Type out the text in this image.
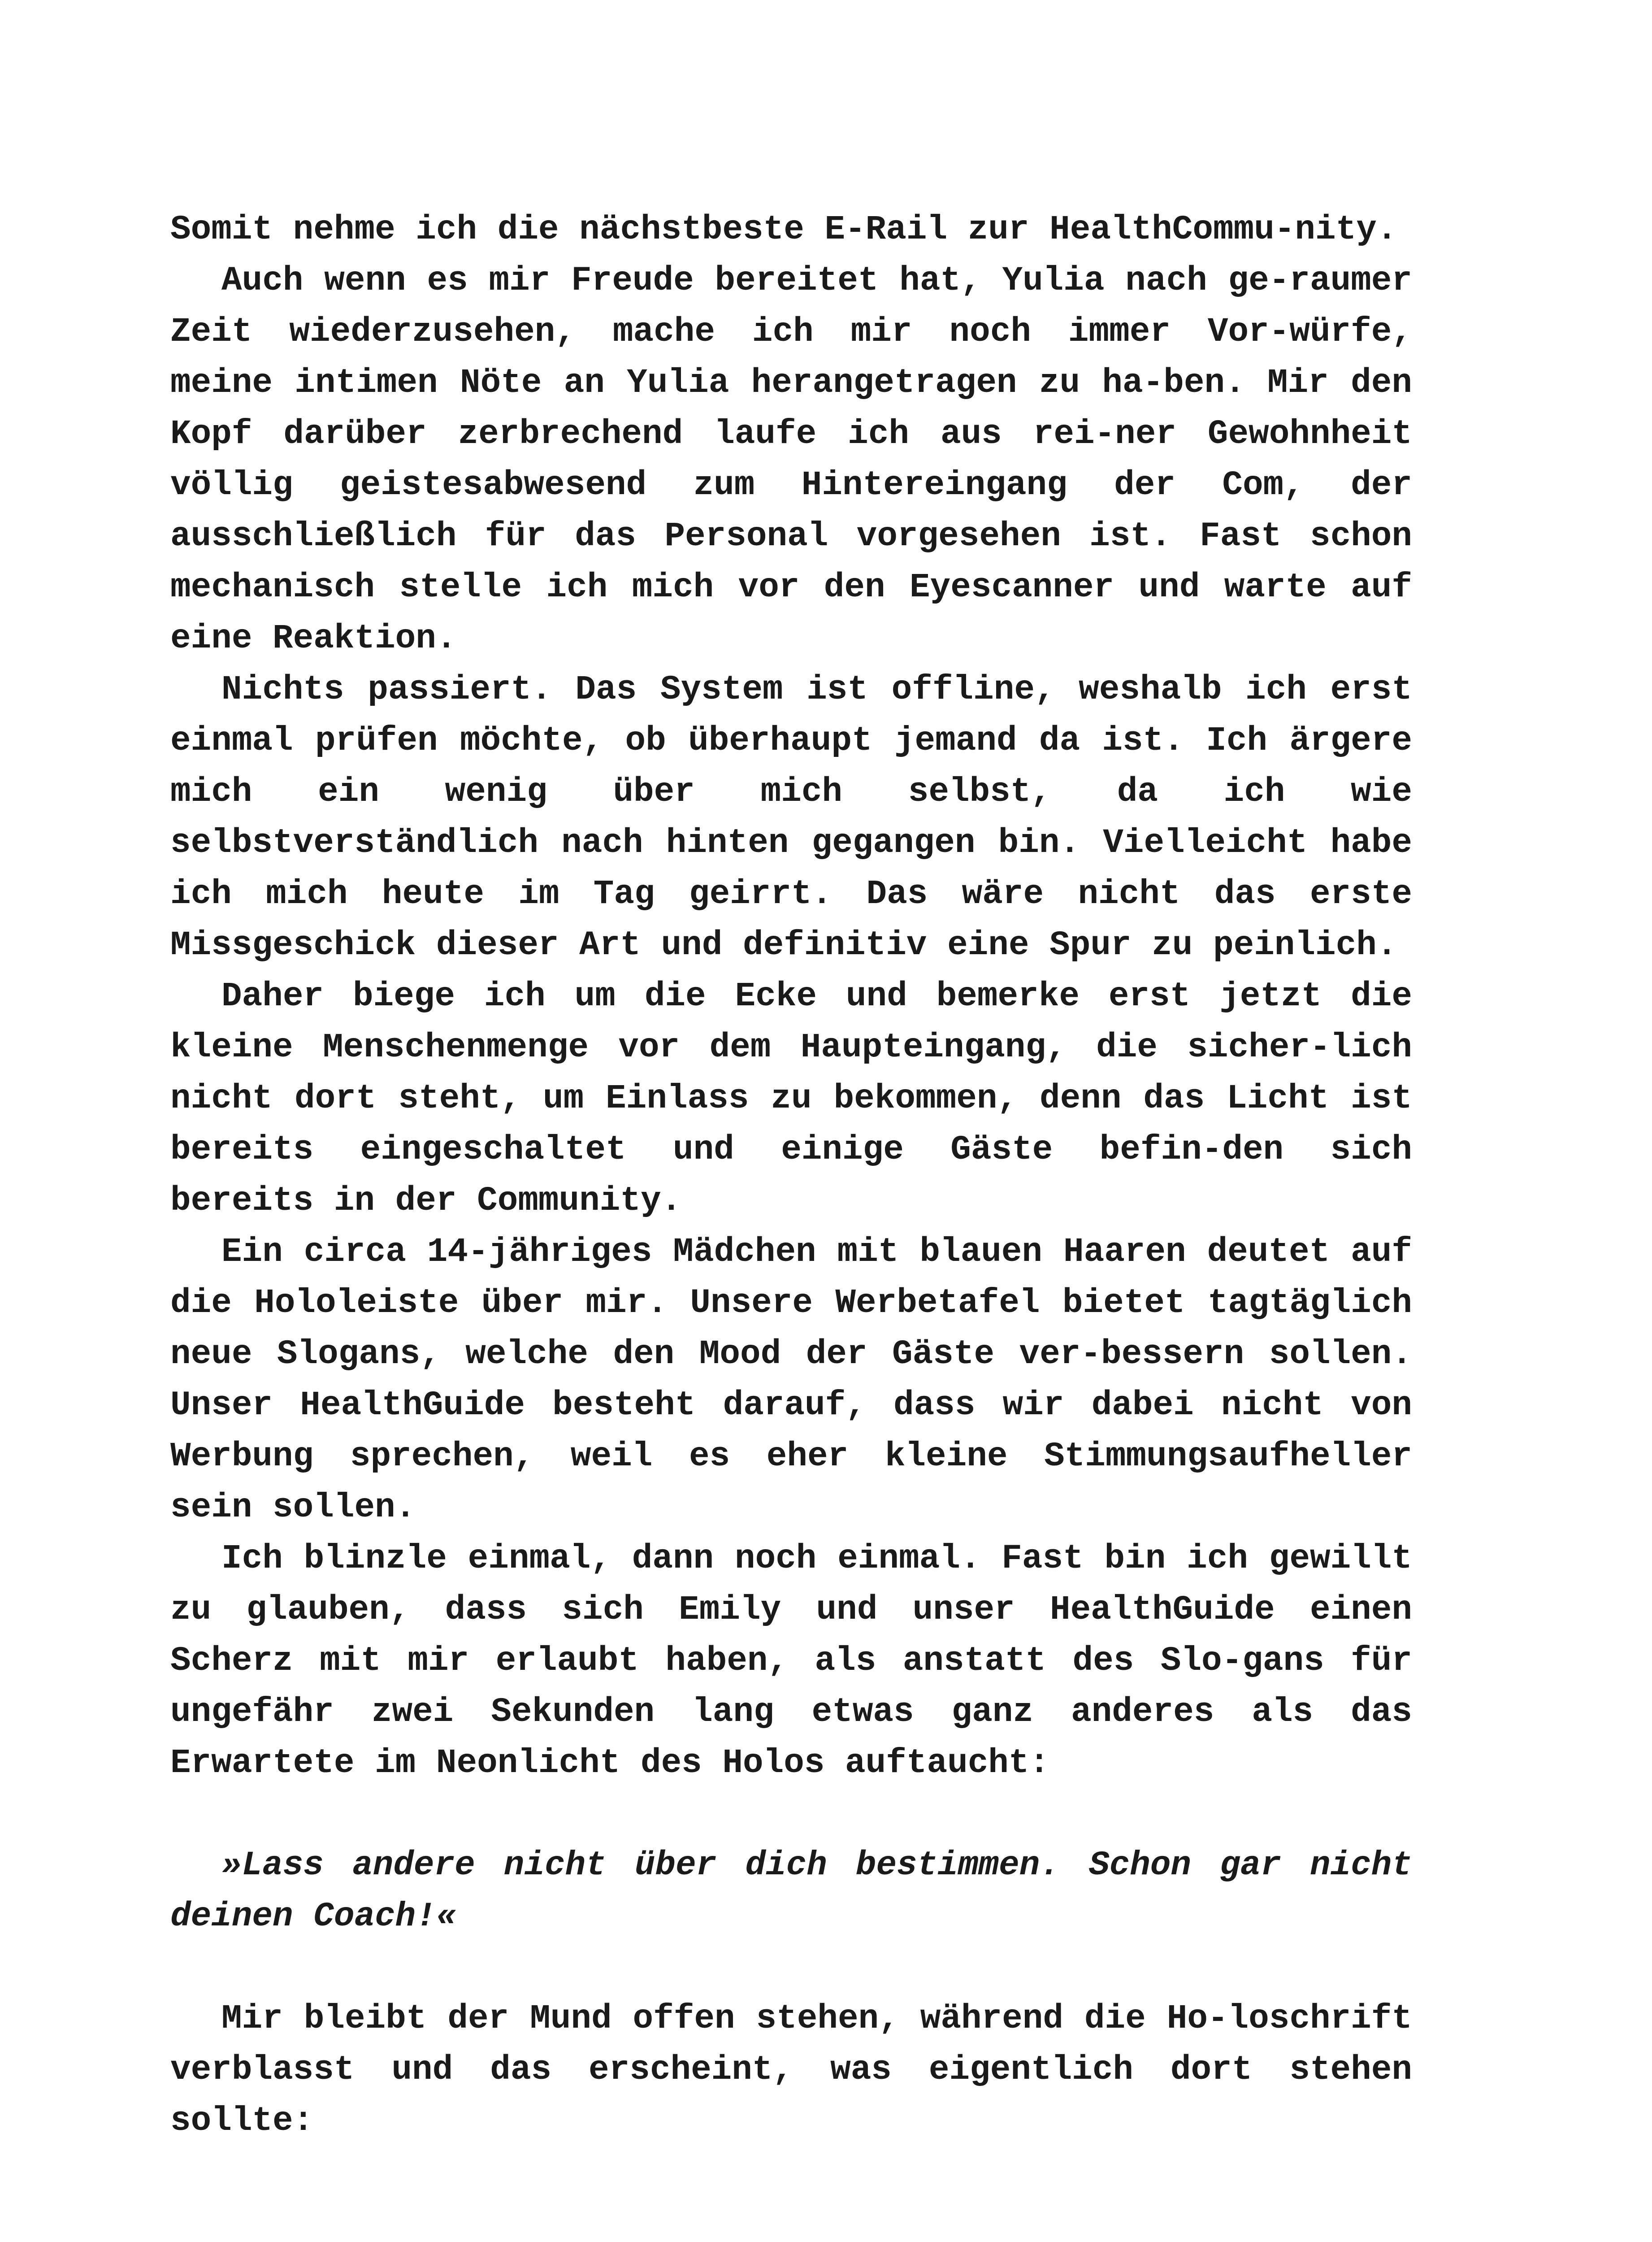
Somit nehme ich die nächstbeste E-Rail zur HealthCommu-nity.

Auch wenn es mir Freude bereitet hat, Yulia nach ge-raumer Zeit wiederzusehen, mache ich mir noch immer Vor-würfe, meine intimen Nöte an Yulia herangetragen zu ha-ben. Mir den Kopf darüber zerbrechend laufe ich aus rei-ner Gewohnheit völlig geistesabwesend zum Hintereingang der Com, der ausschließlich für das Personal vorgesehen ist. Fast schon mechanisch stelle ich mich vor den Eyescanner und warte auf eine Reaktion.

Nichts passiert. Das System ist offline, weshalb ich erst einmal prüfen möchte, ob überhaupt jemand da ist. Ich ärgere mich ein wenig über mich selbst, da ich wie selbstverständlich nach hinten gegangen bin. Vielleicht habe ich mich heute im Tag geirrt. Das wäre nicht das erste Missgeschick dieser Art und definitiv eine Spur zu peinlich.

Daher biege ich um die Ecke und bemerke erst jetzt die kleine Menschenmenge vor dem Haupteingang, die sicher-lich nicht dort steht, um Einlass zu bekommen, denn das Licht ist bereits eingeschaltet und einige Gäste befin-den sich bereits in der Community.

Ein circa 14-jähriges Mädchen mit blauen Haaren deutet auf die Hololeiste über mir. Unsere Werbetafel bietet tagtäglich neue Slogans, welche den Mood der Gäste ver-bessern sollen. Unser HealthGuide besteht darauf, dass wir dabei nicht von Werbung sprechen, weil es eher kleine Stimmungsaufheller sein sollen.

Ich blinzle einmal, dann noch einmal. Fast bin ich gewillt zu glauben, dass sich Emily und unser HealthGuide einen Scherz mit mir erlaubt haben, als anstatt des Slo-gans für ungefähr zwei Sekunden lang etwas ganz anderes als das Erwartete im Neonlicht des Holos auftaucht:

»Lass andere nicht über dich bestimmen. Schon gar nicht deinen Coach!«

Mir bleibt der Mund offen stehen, während die Ho-loschrift verblasst und das erscheint, was eigentlich dort stehen sollte:
